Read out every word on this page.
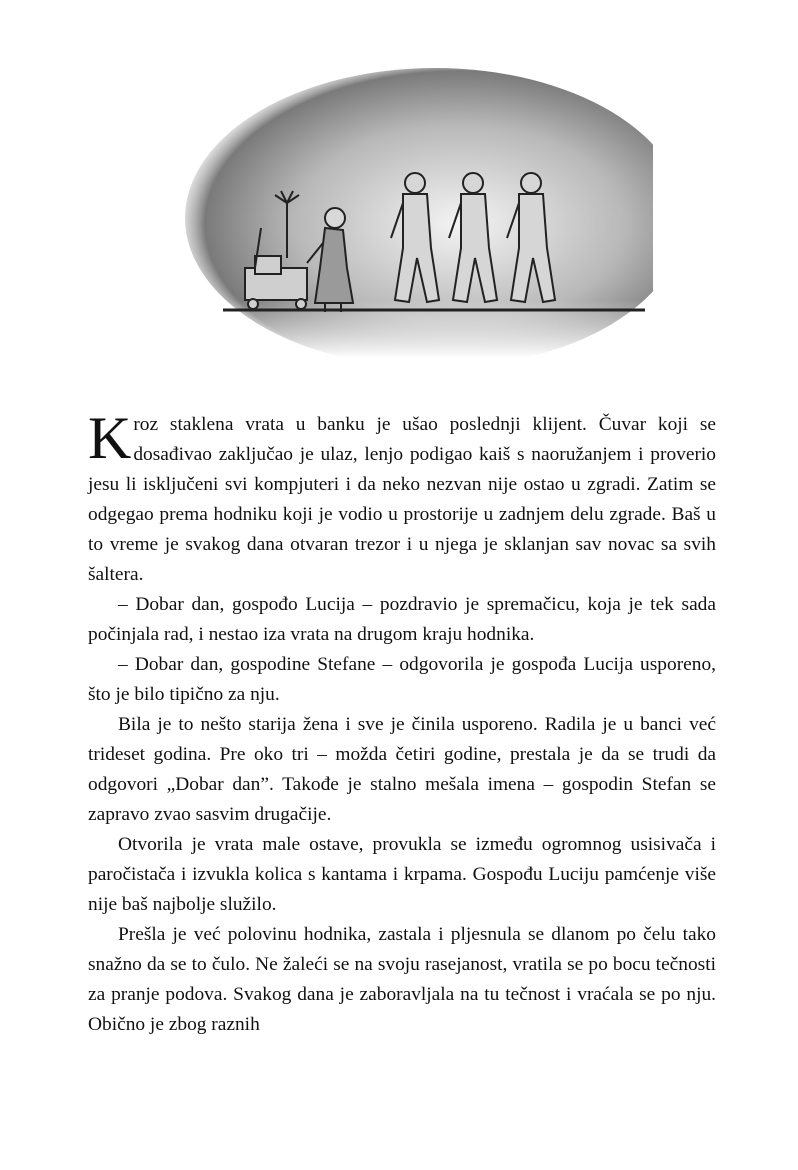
Kroz staklena vrata u banku je ušao poslednji klijent. Čuvar koji se dosađivao zaključao je ulaz, lenjo podigao kaiš s naoružanjem i proverio jesu li isključeni svi kompjuteri i da neko nezvan nije ostao u zgradi. Zatim se odgegao prema hodniku koji je vodio u prostorije u zadnjem delu zgrade. Baš u to vreme je svakog dana otvaran trezor i u njega je sklanjan sav novac sa svih šaltera.

– Dobar dan, gospođo Lucija – pozdravio je spremačicu, koja je tek sada počinjala rad, i nestao iza vrata na drugom kraju hodnika.

– Dobar dan, gospodine Stefane – odgovorila je gospođa Lucija usporeno, što je bilo tipično za nju.

Bila je to nešto starija žena i sve je činila usporeno. Radila je u banci već trideset godina. Pre oko tri – možda četiri godine, prestala je da se trudi da odgovori „Dobar dan”. Takođe je stalno mešala imena – gospodin Stefan se zapravo zvao sasvim drugačije.

Otvorila je vrata male ostave, provukla se između ogromnog usisivača i paročistača i izvukla kolica s kantama i krpama. Gospođu Luciju pamćenje više nije baš najbolje služilo.

Prešla je već polovinu hodnika, zastala i pljesnula se dlanom po čelu tako snažno da se to čulo. Ne žaleći se na svoju rasejanost, vratila se po bocu tečnosti za pranje podova. Svakog dana je zaboravljala na tu tečnost i vraćala se po nju. Obično je zbog raznih
